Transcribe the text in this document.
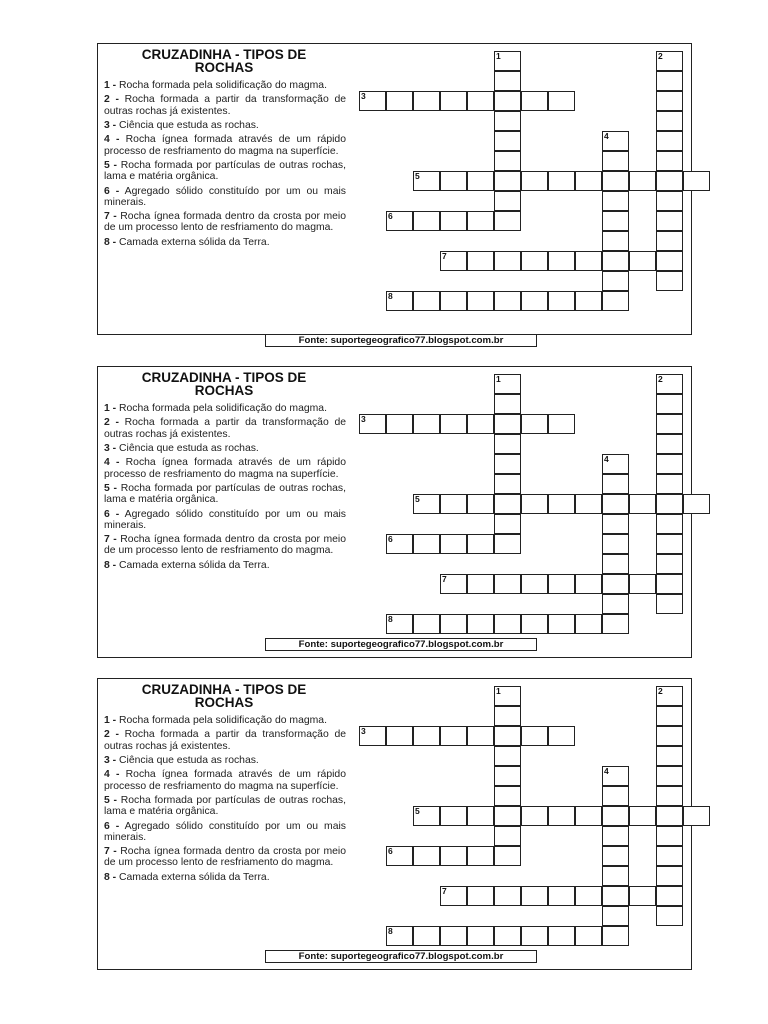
CRUZADINHA - TIPOS DE
ROCHAS
1 - Rocha formada pela solidificação do magma.
2 - Rocha formada a partir da transformação de outras rochas já existentes.
3 - Ciência que estuda as rochas.
4 - Rocha ígnea formada através de um rápido processo de resfriamento do magma na superfície.
5 - Rocha formada por partículas de outras rochas, lama e matéria orgânica.
6 - Agregado sólido constituído por um ou mais minerais.
7 - Rocha ígnea formada dentro da crosta por meio de um processo lento de resfriamento do magma.
8 - Camada externa sólida da Terra.
1	2
3
4
5
6
7
8
Fonte: suportegeografico77.blogspot.com.br
CRUZADINHA - TIPOS DE
ROCHAS
1 - Rocha formada pela solidificação do magma.
2 - Rocha formada a partir da transformação de outras rochas já existentes.
3 - Ciência que estuda as rochas.
4 - Rocha ígnea formada através de um rápido processo de resfriamento do magma na superfície.
5 - Rocha formada por partículas de outras rochas, lama e matéria orgânica.
6 - Agregado sólido constituído por um ou mais minerais.
7 - Rocha ígnea formada dentro da crosta por meio de um processo lento de resfriamento do magma.
8 - Camada externa sólida da Terra.
1	2
3
4
5
6
7
8
Fonte: suportegeografico77.blogspot.com.br
CRUZADINHA - TIPOS DE
ROCHAS
1 - Rocha formada pela solidificação do magma.
2 - Rocha formada a partir da transformação de outras rochas já existentes.
3 - Ciência que estuda as rochas.
4 - Rocha ígnea formada através de um rápido processo de resfriamento do magma na superfície.
5 - Rocha formada por partículas de outras rochas, lama e matéria orgânica.
6 - Agregado sólido constituído por um ou mais minerais.
7 - Rocha ígnea formada dentro da crosta por meio de um processo lento de resfriamento do magma.
8 - Camada externa sólida da Terra.
1	2
3
4
5
6
7
8
Fonte: suportegeografico77.blogspot.com.br
